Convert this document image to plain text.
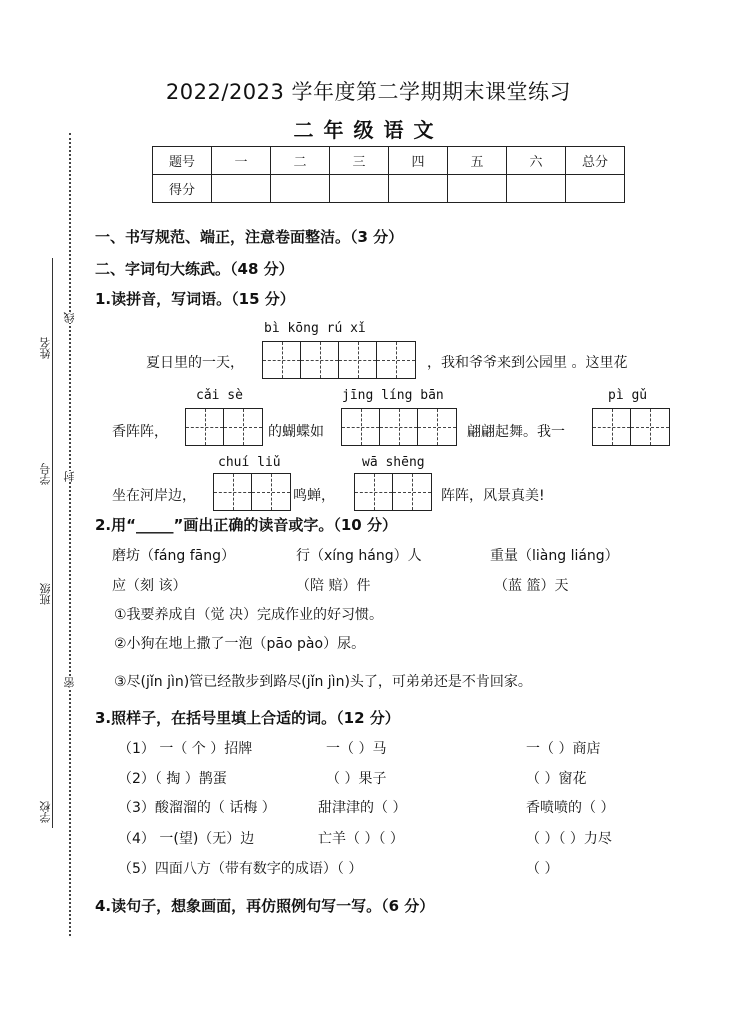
姓名
学号
班级
学校
线
封
密
2022/2023 学年度第二学期期末课堂练习
二年级语文
题号	一	二	三	四	五	六	总分
得分							
一、书写规范、端正，注意卷面整洁。（3 分）
二、字词句大练武。（48 分）
1.读拼音，写词语。（15 分）
bì kōng rú xǐ
夏日里的一天，	，我和爷爷来到公园里 。这里花
cǎi sè	jīng líng bān	pì gǔ
香阵阵，	的蝴蝶如	翩翩起舞。我一
chuí liǔ	wā shēng
坐在河岸边，	鸣蝉，	阵阵，风景真美!
2.用“_____”画出正确的读音或字。（10 分）
磨坊（fáng fāng）	行（xíng háng）人	重量（liàng liáng）
应（刻 该）	（陪 赔）件	（蓝 篮）天
①我要养成自（觉 决）完成作业的好习惯。
②小狗在地上撒了一泡（pāo pào）尿。
③尽(jǐn jìn)管已经散步到路尽(jǐn jìn)头了，可弟弟还是不肯回家。
3.照样子，在括号里填上合适的词。（12 分）
（1） 一（ 个 ）招牌	一（ ）马	一（ ）商店
（2）（ 掏 ）鹊蛋	（ ）果子	（ ）窗花
（3）酸溜溜的（ 话梅 ）	甜津津的（ ）	香喷喷的（ ）
（4） 一(望)（无）边	亡羊（ ）（ ）	（ ）（ ）力尽
（5）四面八方（带有数字的成语）（ ）	（ ）
4.读句子，想象画面，再仿照例句写一写。（6 分）
